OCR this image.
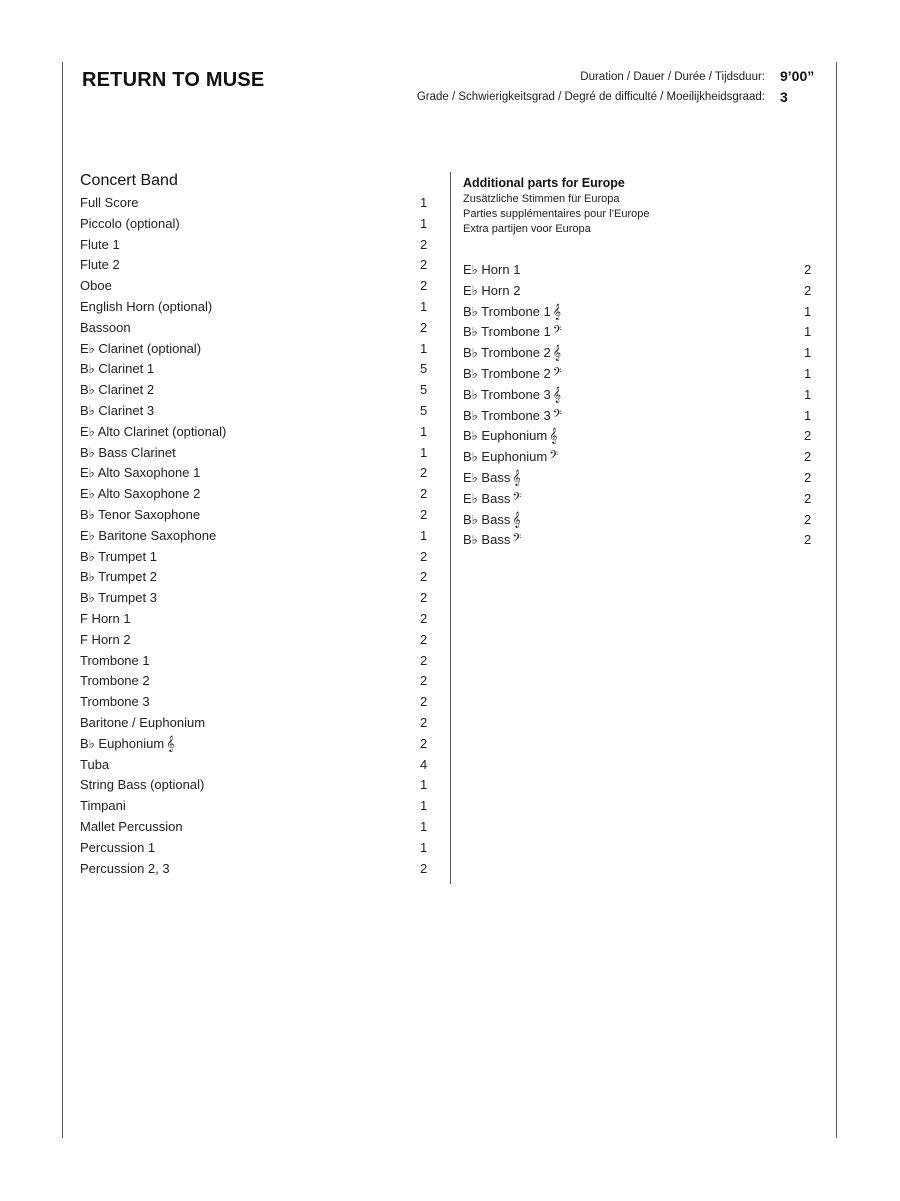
RETURN TO MUSE	Duration / Dauer / Durée / Tijdsduur: 9’00”
Grade / Schwierigkeitsgrad / Degré de difficulté / Moeilijkheidsgraad: 3
Concert Band
Full Score	1
Piccolo (optional)	1
Flute 1	2
Flute 2	2
Oboe	2
English Horn (optional)	1
Bassoon	2
E♭ Clarinet (optional)	1
B♭ Clarinet 1	5
B♭ Clarinet 2	5
B♭ Clarinet 3	5
E♭ Alto Clarinet (optional)	1
B♭ Bass Clarinet	1
E♭ Alto Saxophone 1	2
E♭ Alto Saxophone 2	2
B♭ Tenor Saxophone	2
E♭ Baritone Saxophone	1
B♭ Trumpet 1	2
B♭ Trumpet 2	2
B♭ Trumpet 3	2
F Horn 1	2
F Horn 2	2
Trombone 1	2
Trombone 2	2
Trombone 3	2
Baritone / Euphonium	2
B♭ Euphonium 𝄞	2
Tuba	4
String Bass (optional)	1
Timpani	1
Mallet Percussion	1
Percussion 1	1
Percussion 2, 3	2
Additional parts for Europe
Zusätzliche Stimmen für Europa
Parties supplémentaires pour l’Europe
Extra partijen voor Europa
E♭ Horn 1	2
E♭ Horn 2	2
B♭ Trombone 1 𝄞	1
B♭ Trombone 1 𝄢	1
B♭ Trombone 2 𝄞	1
B♭ Trombone 2 𝄢	1
B♭ Trombone 3 𝄞	1
B♭ Trombone 3 𝄢	1
B♭ Euphonium 𝄞	2
B♭ Euphonium 𝄢	2
E♭ Bass 𝄞	2
E♭ Bass 𝄢	2
B♭ Bass 𝄞	2
B♭ Bass 𝄢	2
